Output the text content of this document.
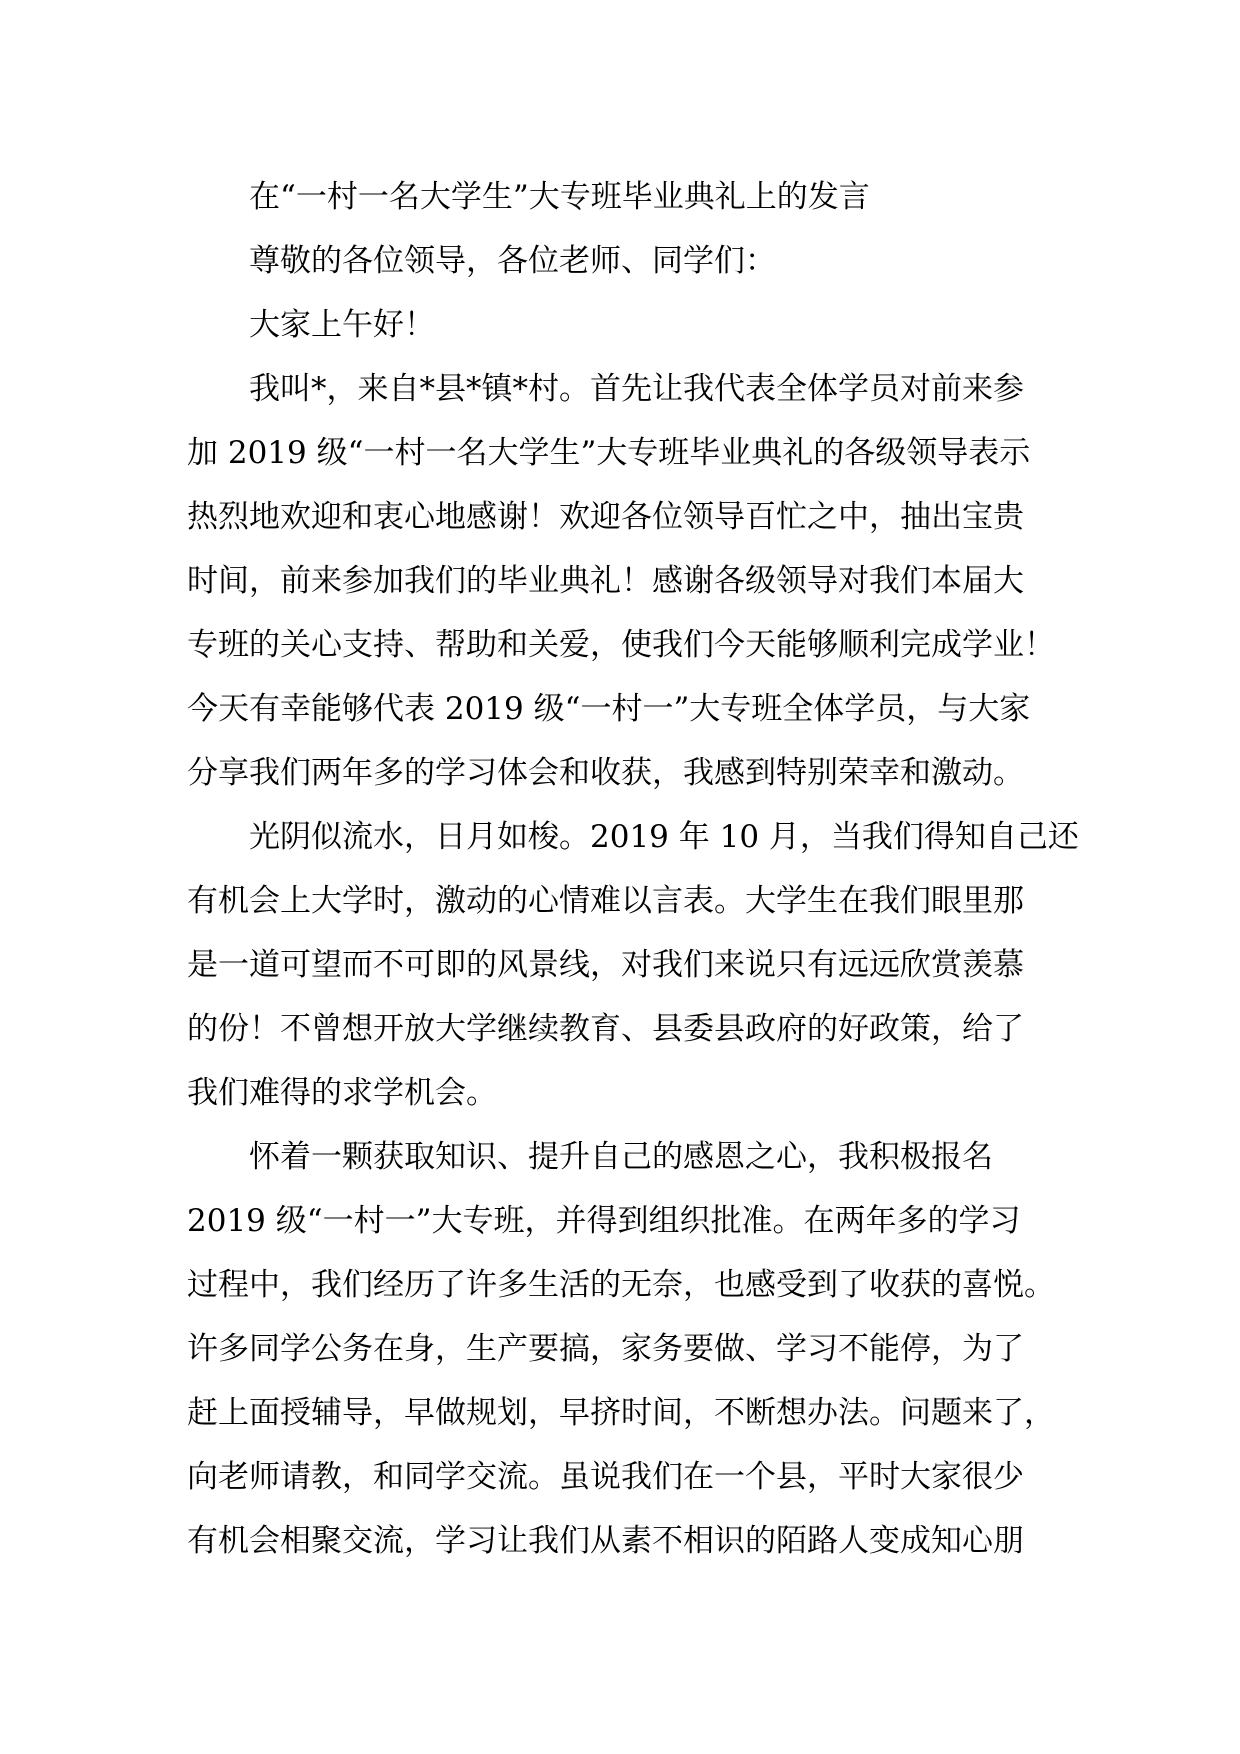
在“一村一名大学生”大专班毕业典礼上的发言
尊敬的各位领导，各位老师、同学们：
大家上午好！
我叫*，来自*县*镇*村。首先让我代表全体学员对前来参
加 2019 级“一村一名大学生”大专班毕业典礼的各级领导表示
热烈地欢迎和衷心地感谢！欢迎各位领导百忙之中，抽出宝贵
时间，前来参加我们的毕业典礼！感谢各级领导对我们本届大
专班的关心支持、帮助和关爱，使我们今天能够顺利完成学业！
今天有幸能够代表 2019 级“一村一”大专班全体学员，与大家
分享我们两年多的学习体会和收获，我感到特别荣幸和激动。
光阴似流水，日月如梭。2019 年 10 月，当我们得知自己还
有机会上大学时，激动的心情难以言表。大学生在我们眼里那
是一道可望而不可即的风景线，对我们来说只有远远欣赏羡慕
的份！不曾想开放大学继续教育、县委县政府的好政策，给了
我们难得的求学机会。
怀着一颗获取知识、提升自己的感恩之心，我积极报名
2019 级“一村一”大专班，并得到组织批准。在两年多的学习
过程中，我们经历了许多生活的无奈，也感受到了收获的喜悦。
许多同学公务在身，生产要搞，家务要做、学习不能停，为了
赶上面授辅导，早做规划，早挤时间，不断想办法。问题来了，
向老师请教，和同学交流。虽说我们在一个县，平时大家很少
有机会相聚交流，学习让我们从素不相识的陌路人变成知心朋
